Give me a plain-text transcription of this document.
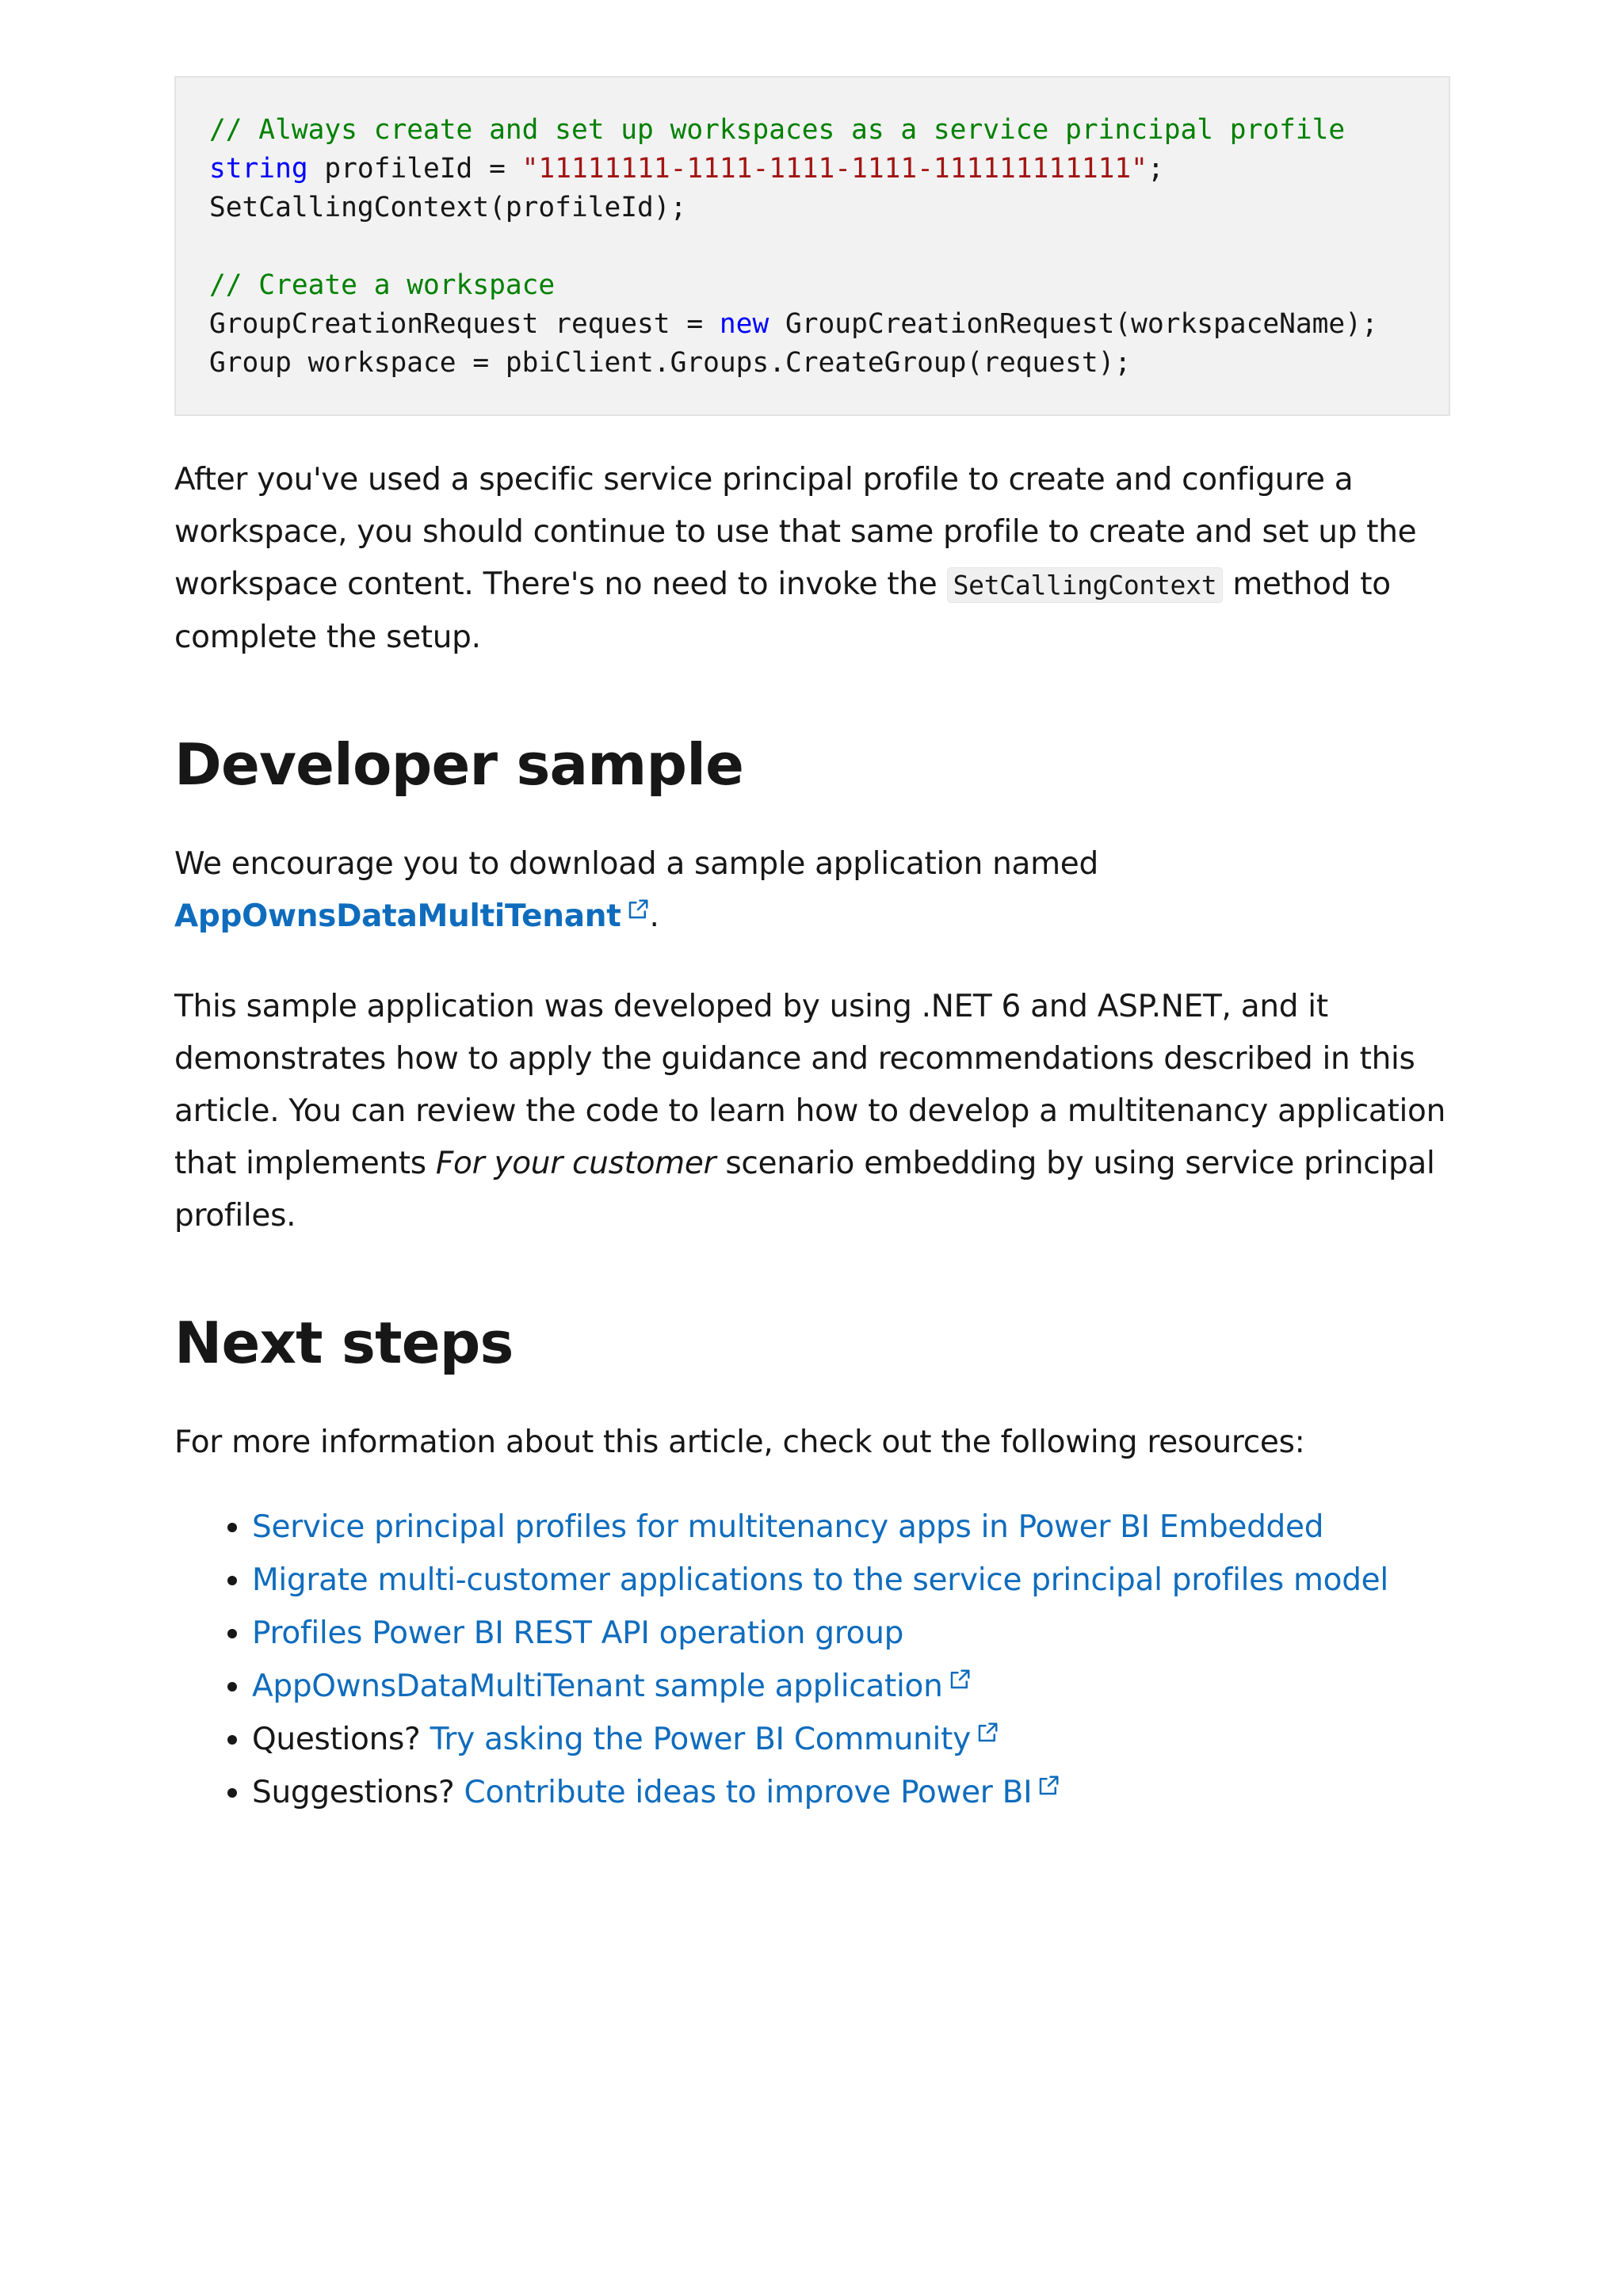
// Always create and set up workspaces as a service principal profile
string profileId = "11111111-1111-1111-1111-111111111111";
SetCallingContext(profileId);
// Create a workspace
GroupCreationRequest request = new GroupCreationRequest(workspaceName);
Group workspace = pbiClient.Groups.CreateGroup(request);

After you've used a specific service principal profile to create and configure a workspace, you should continue to use that same profile to create and set up the workspace content. There's no need to invoke the SetCallingContext method to complete the setup.

Developer sample

We encourage you to download a sample application named AppOwnsDataMultiTenant .

This sample application was developed by using .NET 6 and ASP.NET, and it demonstrates how to apply the guidance and recommendations described in this article. You can review the code to learn how to develop a multitenancy application that implements For your customer scenario embedding by using service principal profiles.

Next steps

For more information about this article, check out the following resources:

• Service principal profiles for multitenancy apps in Power BI Embedded
• Migrate multi-customer applications to the service principal profiles model
• Profiles Power BI REST API operation group
• AppOwnsDataMultiTenant sample application
• Questions? Try asking the Power BI Community
• Suggestions? Contribute ideas to improve Power BI
